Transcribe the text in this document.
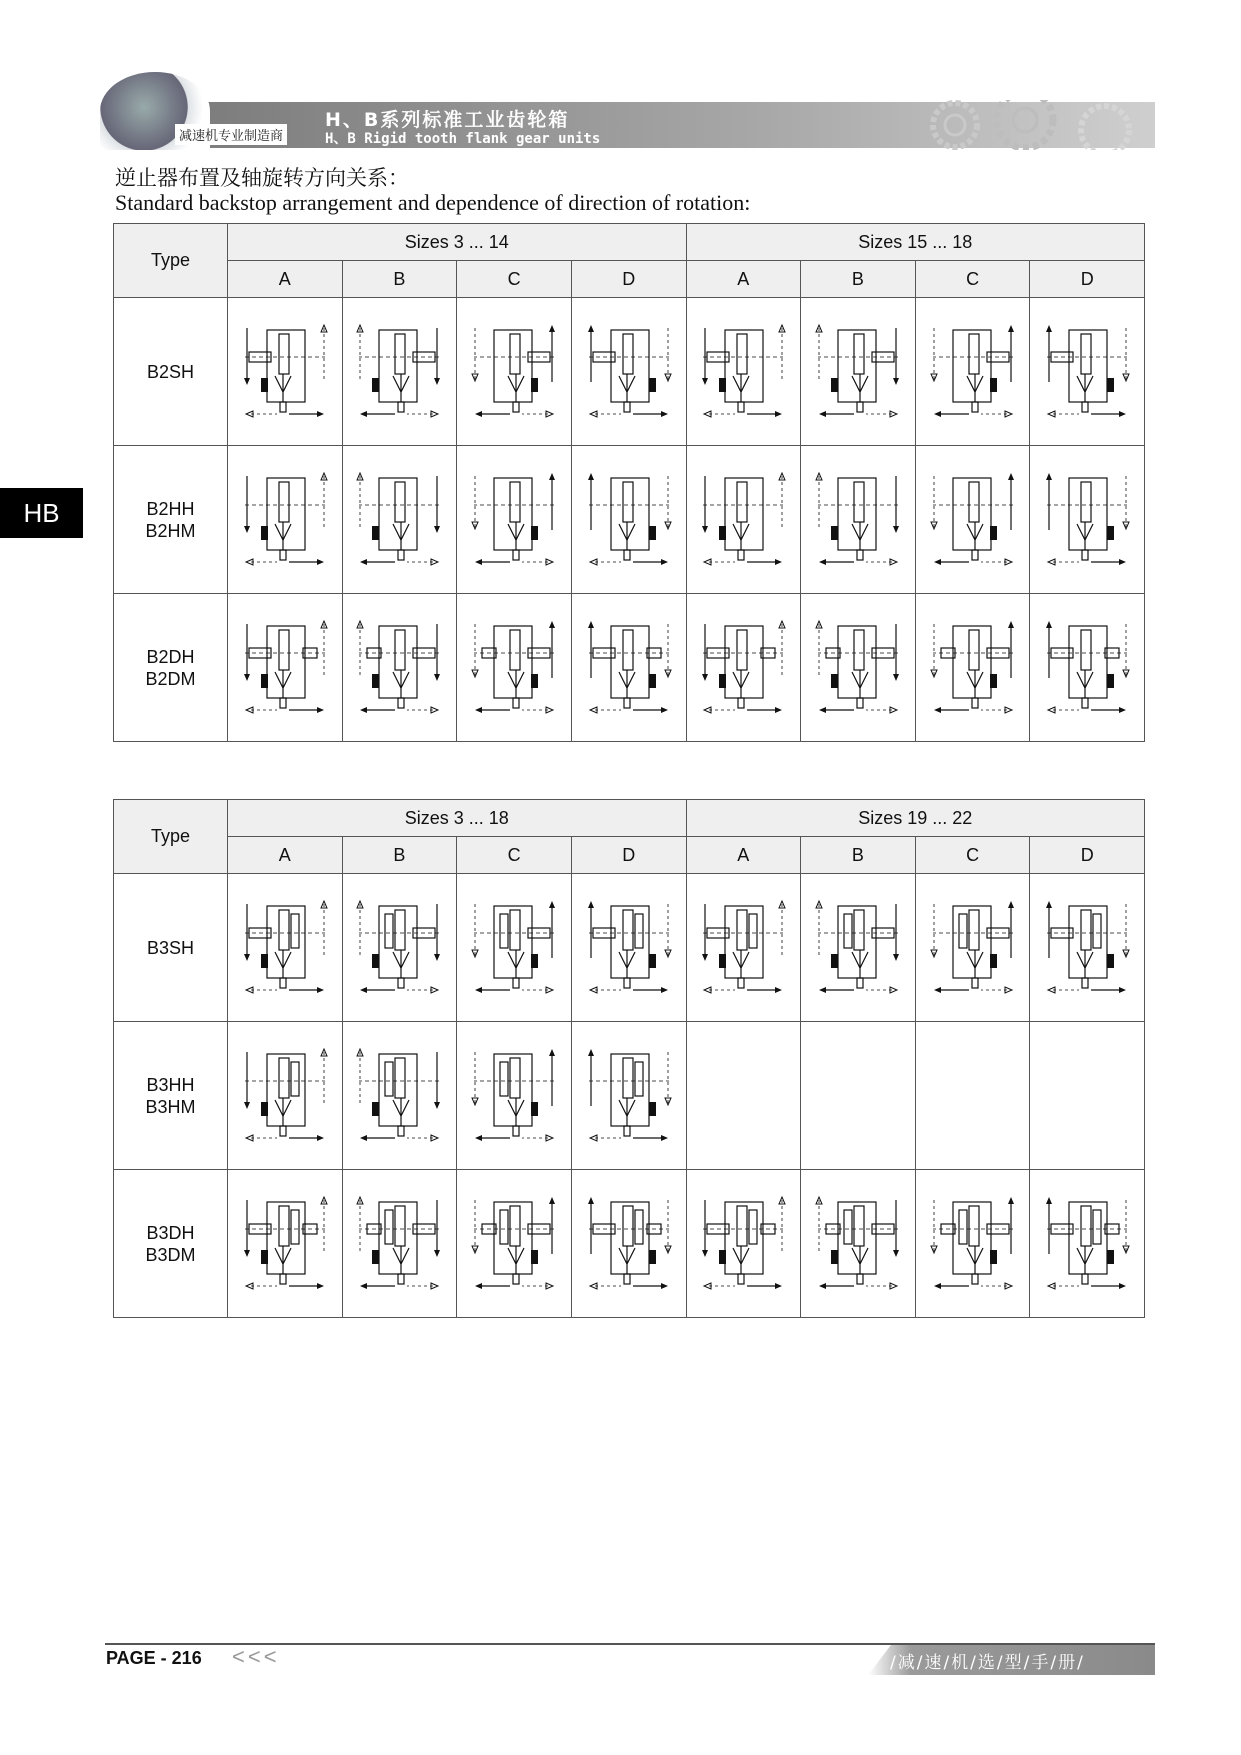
减速机专业制造商
H、B系列标准工业齿轮箱
H、B Rigid tooth flank gear units
逆止器布置及轴旋转方向关系：
Standard backstop arrangement and dependence of direction of rotation:
HB
Type	Sizes 3 ... 14				Sizes 15 ... 18			
	A	B	C	D	A	B	C	D

B2SH

B2HH
B2HM

B2DH
B2DM

Type	Sizes 3 ... 18				Sizes 19 ... 22			
	A	B	C	D	A	B	C	D

B3SH

B3HH
B3HM

B3DH
B3DM

PAGE - 216 <<<	/减/速/机/选/型/手/册/
